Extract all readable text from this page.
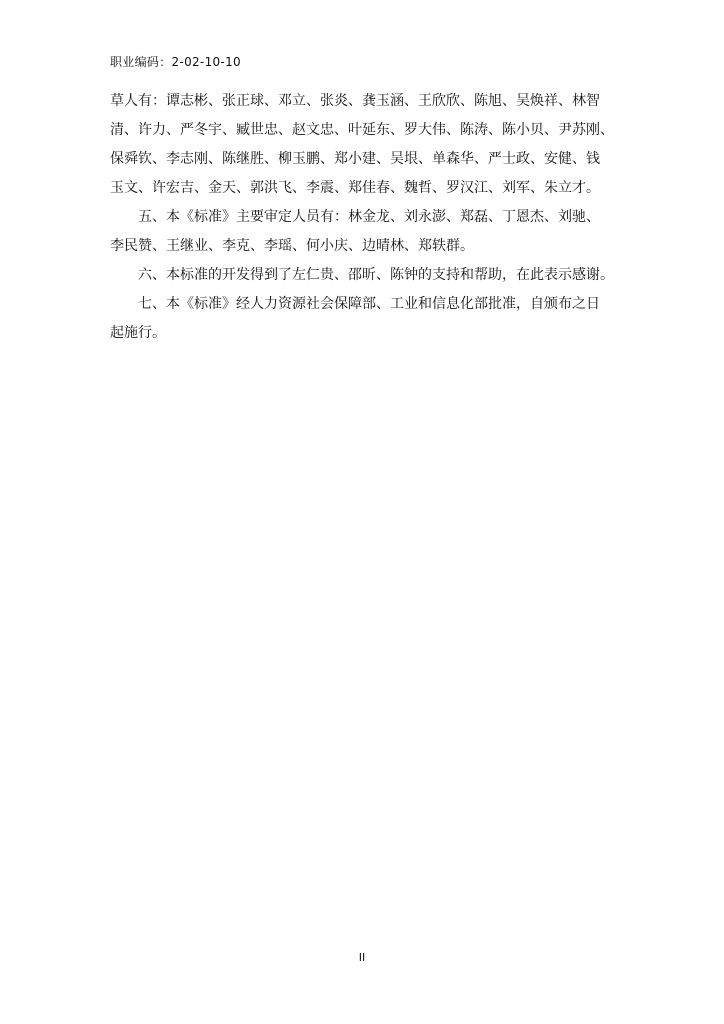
职业编码：2-02-10-10
草人有：谭志彬、张正球、邓立、张炎、龚玉涵、王欣欣、陈旭、吴焕祥、林智
清、许力、严冬宇、臧世忠、赵文忠、叶延东、罗大伟、陈涛、陈小贝、尹苏刚、
保舜钦、李志刚、陈继胜、柳玉鹏、郑小建、吴垠、单森华、严士政、安健、钱
玉文、许宏吉、金天、郭洪飞、李震、郑佳春、魏哲、罗汉江、刘军、朱立才。
五、本《标准》主要审定人员有：林金龙、刘永澎、郑磊、丁恩杰、刘驰、
李民赞、王继业、李克、李瑶、何小庆、边晴林、郑轶群。
六、本标准的开发得到了左仁贵、邵昕、陈钟的支持和帮助，在此表示感谢。
七、本《标准》经人力资源社会保障部、工业和信息化部批准，自颁布之日
起施行。
II
